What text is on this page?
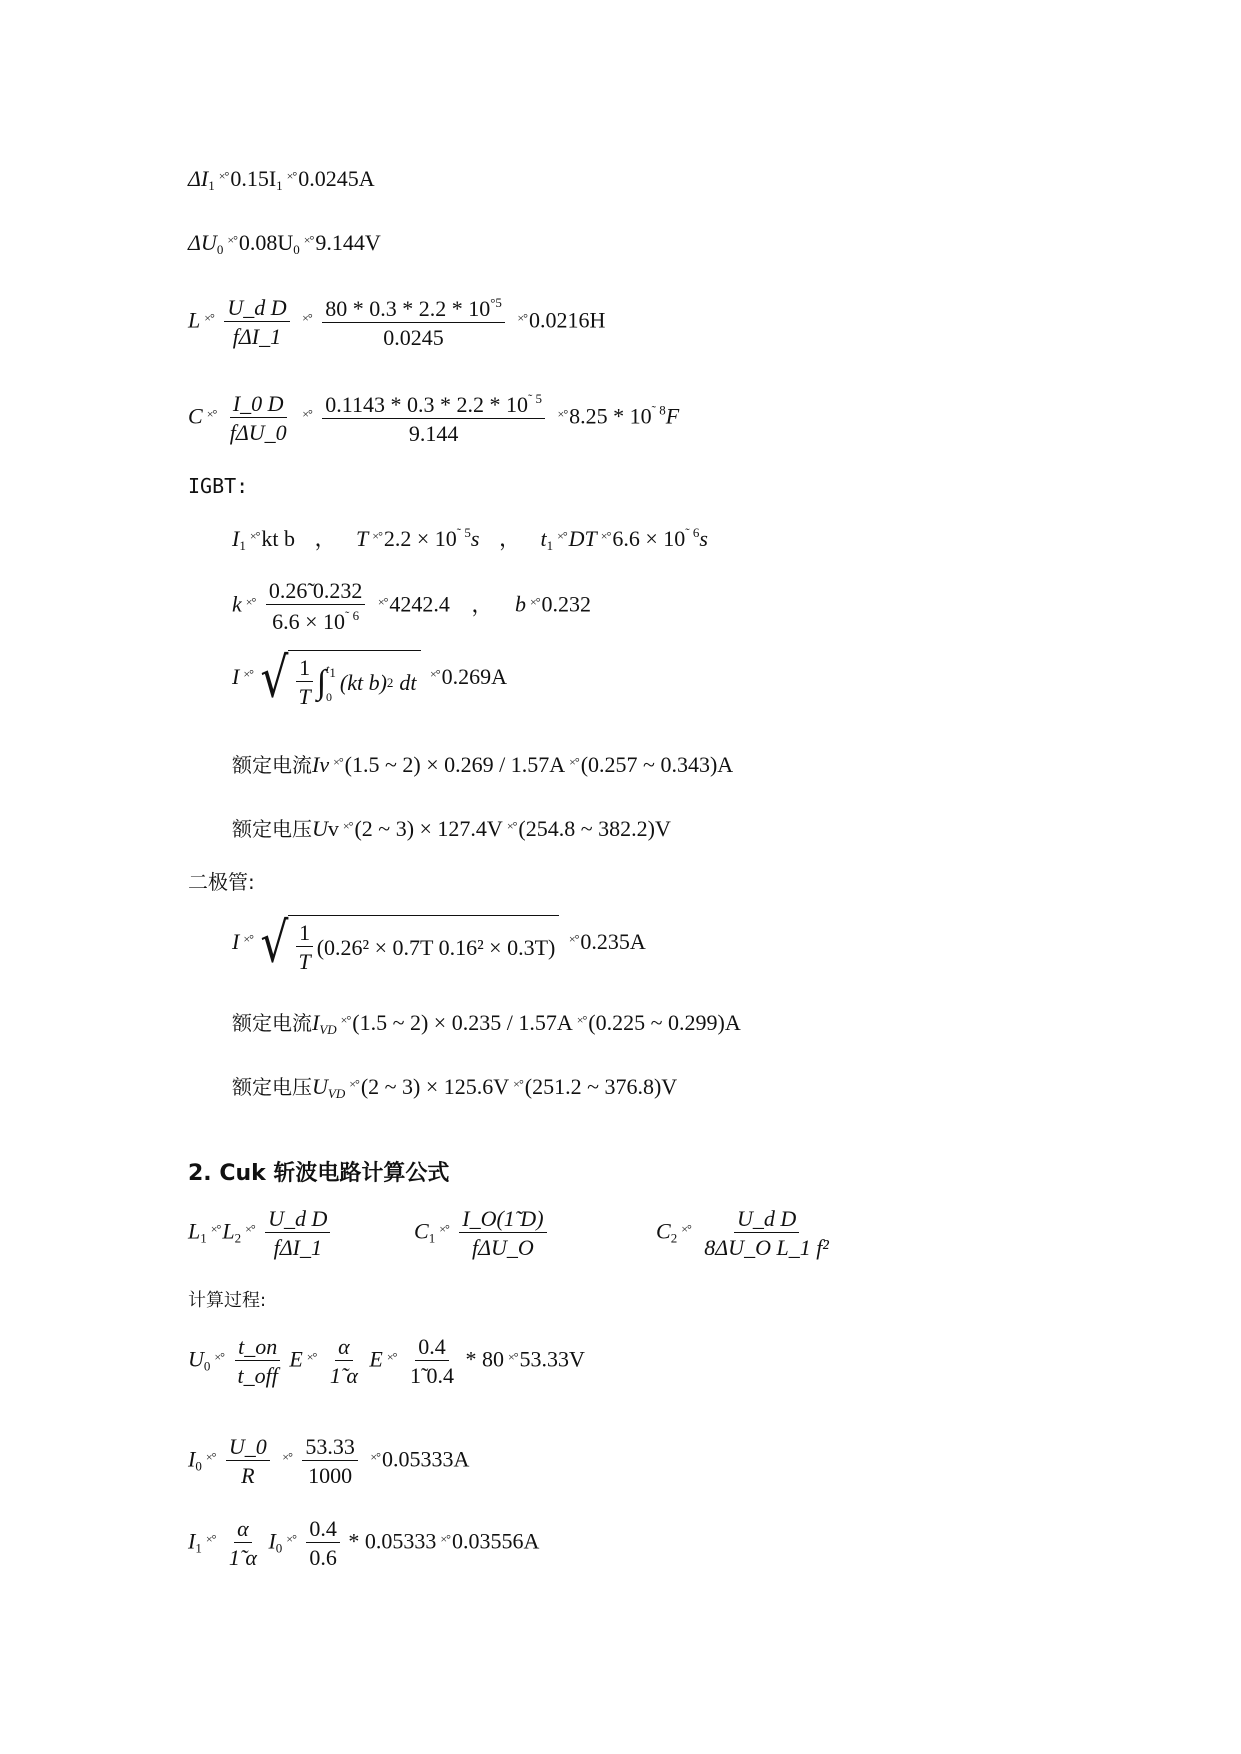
$\Delta I_1^{\times^\circ}0.15I_1^{\times^\circ}0.0245A$
$\Delta U_0^{\times^\circ}0.08U_0^{\times^\circ}9.144V$
L $^{\times^\circ} \frac{\text{U\_d D}}{\text{fΔI\_1}} ^{\times^\circ} \frac{80 * 0.3 * 2.2 * 10^{^\circ 5}}{0.0245} ^{\times^\circ}0.0216H$
C $^{\times^\circ} \frac{I\_0 D}{\text{fΔU\_0}} ^{\times^\circ} \frac{0.1143 * 0.3 * 2.2 * 10^{˜ 5}}{9.144} ^{\times^\circ}8.25 * 10^{˜ 8}F$
IGBT:
$I_1^{\times^\circ}kt͏$ b ， T $^{\times^\circ}2.2 \times 10^{˜ 5}s$ ， $t_1^{\times^\circ}DT$ $^{\times^\circ}6.6 \times 10^{˜ 6}s$
k $^{\times^\circ} \frac{0.26̃ 0.232}{6.6 \times 10^{˜ 6}} ^{\times^\circ}4242.4$ ， b ×°0.232
I ×° √ $\frac{1}{T}$ ∫ $t_1$
0
(kt͏ b) 2 dt ×°0.269A
额定电流Iv ×°(1.5 ~ 2) × 0.269 / 1.57A ×°(0.257 ~ 0.343)A
额定电压Uv ×°(2 ~ 3) × 127.4V ×°(254.8 ~ 382.2)V
二极管:
I ×° √ $\frac{1}{T} (0.26^2$ × 0.7T͏ 0.16² × 0.3T) ×°0.235A
额定电流$I_{VD}^{\times^\circ}(1.5$ ~ 2) × 0.235 / 1.57A ×°(0.225 ~ 0.299)A
额定电压$U_{VD}^{\times^\circ}(2$ ~ 3) × 125.6V ×°(251.2 ~ 376.8)V
2. Cuk 斩波电路计算公式
$L_1^{\times^\circ}L_2^{\times^\circ} \frac{\text{U\_d D}}{\text{fΔI\_1}}$	$C_1^{\times^\circ} \frac{I\_O(1̃ D)}{\text{fΔU\_O}}$	$C_2^{\times^\circ} \frac{\text{U\_d D}}{\text{8ΔU\_O L\_1 f²}}$
计算过程:
$U_0^{\times^\circ} \frac{t\_on}{\text{t\_off}}$ E $^{\times^\circ} \frac{\alpha}{1̃ \alpha}$ E $^{\times^\circ} \frac{0.4}{1̃ 0.4} * 80$ ×°53.33V
$I_0^{\times^\circ} \frac{U\_0}{R} ^{\times^\circ} \frac{53.33}{1000} ^{\times^\circ}0.05333A$
$I_1^{\times^\circ} \frac{\alpha}{1̃ \alpha} I_0^{\times^\circ} \frac{0.4}{0.6} * 0.05333$ ×°0.03556A
